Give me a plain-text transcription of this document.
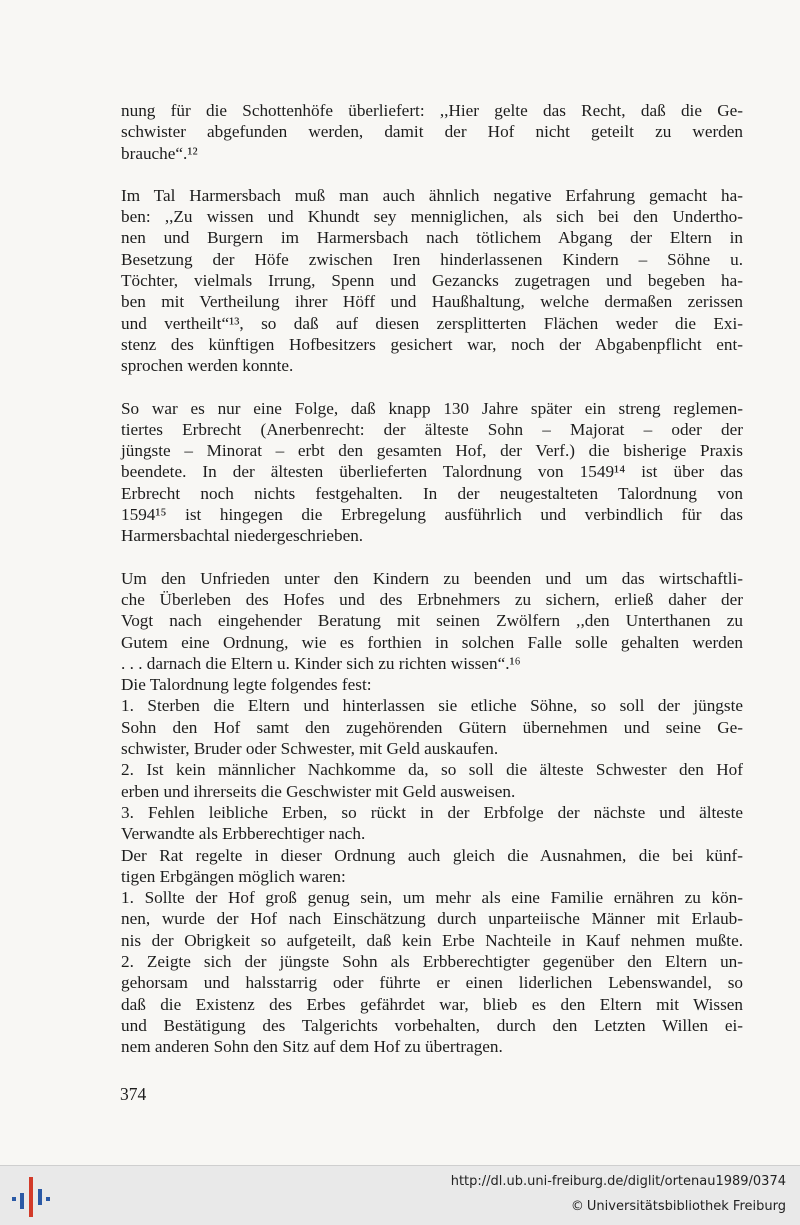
nung für die Schottenhöfe überliefert: ,,Hier gelte das Recht, daß die Ge-
schwister abgefunden werden, damit der Hof nicht geteilt zu werden
brauche“.¹²
Im Tal Harmersbach muß man auch ähnlich negative Erfahrung gemacht ha-
ben: ,,Zu wissen und Khundt sey menniglichen, als sich bei den Underthо-
nen und Burgern im Harmersbach nach tötlichem Abgang der Eltern in
Besetzung der Höfe zwischen Iren hinderlassenen Kindern – Söhne u.
Töchter, vielmals Irrung, Spenn und Gezancks zugetragen und begeben ha-
ben mit Vertheilung ihrer Höff und Haußhaltung, welche dermaßen zerissen
und vertheilt“¹³, so daß auf diesen zersplitterten Flächen weder die Exi-
stenz des künftigen Hofbesitzers gesichert war, noch der Abgabenpflicht ent-
sprochen werden konnte.
So war es nur eine Folge, daß knapp 130 Jahre später ein streng reglemen-
tiertes Erbrecht (Anerbenrecht: der älteste Sohn – Majorat – oder der
jüngste – Minorat – erbt den gesamten Hof, der Verf.) die bisherige Praxis
beendete. In der ältesten überlieferten Talordnung von 1549¹⁴ ist über das
Erbrecht noch nichts festgehalten. In der neugestalteten Talordnung von
1594¹⁵ ist hingegen die Erbregelung ausführlich und verbindlich für das
Harmersbachtal niedergeschrieben.
Um den Unfrieden unter den Kindern zu beenden und um das wirtschaftli-
che Überleben des Hofes und des Erbnehmers zu sichern, erließ daher der
Vogt nach eingehender Beratung mit seinen Zwölfern ,,den Unterthanen zu
Gutem eine Ordnung, wie es forthien in solchen Falle solle gehalten werden
. . . darnach die Eltern u. Kinder sich zu richten wissen“.¹⁶
Die Talordnung legte folgendes fest:
1. Sterben die Eltern und hinterlassen sie etliche Söhne, so soll der jüngste
Sohn den Hof samt den zugehörenden Gütern übernehmen und seine Ge-
schwister, Bruder oder Schwester, mit Geld auskaufen.
2. Ist kein männlicher Nachkomme da, so soll die älteste Schwester den Hof
erben und ihrerseits die Geschwister mit Geld ausweisen.
3. Fehlen leibliche Erben, so rückt in der Erbfolge der nächste und älteste
Verwandte als Erbberechtiger nach.
Der Rat regelte in dieser Ordnung auch gleich die Ausnahmen, die bei künf-
tigen Erbgängen möglich waren:
1. Sollte der Hof groß genug sein, um mehr als eine Familie ernähren zu kön-
nen, wurde der Hof nach Einschätzung durch unparteiische Männer mit Erlaub-
nis der Obrigkeit so aufgeteilt, daß kein Erbe Nachteile in Kauf nehmen mußte.
2. Zeigte sich der jüngste Sohn als Erbberechtigter gegenüber den Eltern un-
gehorsam und halsstarrig oder führte er einen liderlichen Lebenswandel, so
daß die Existenz des Erbes gefährdet war, blieb es den Eltern mit Wissen
und Bestätigung des Talgerichts vorbehalten, durch den Letzten Willen ei-
nem anderen Sohn den Sitz auf dem Hof zu übertragen.
374
http://dl.ub.uni-freiburg.de/diglit/ortenau1989/0374
© Universitätsbibliothek Freiburg
